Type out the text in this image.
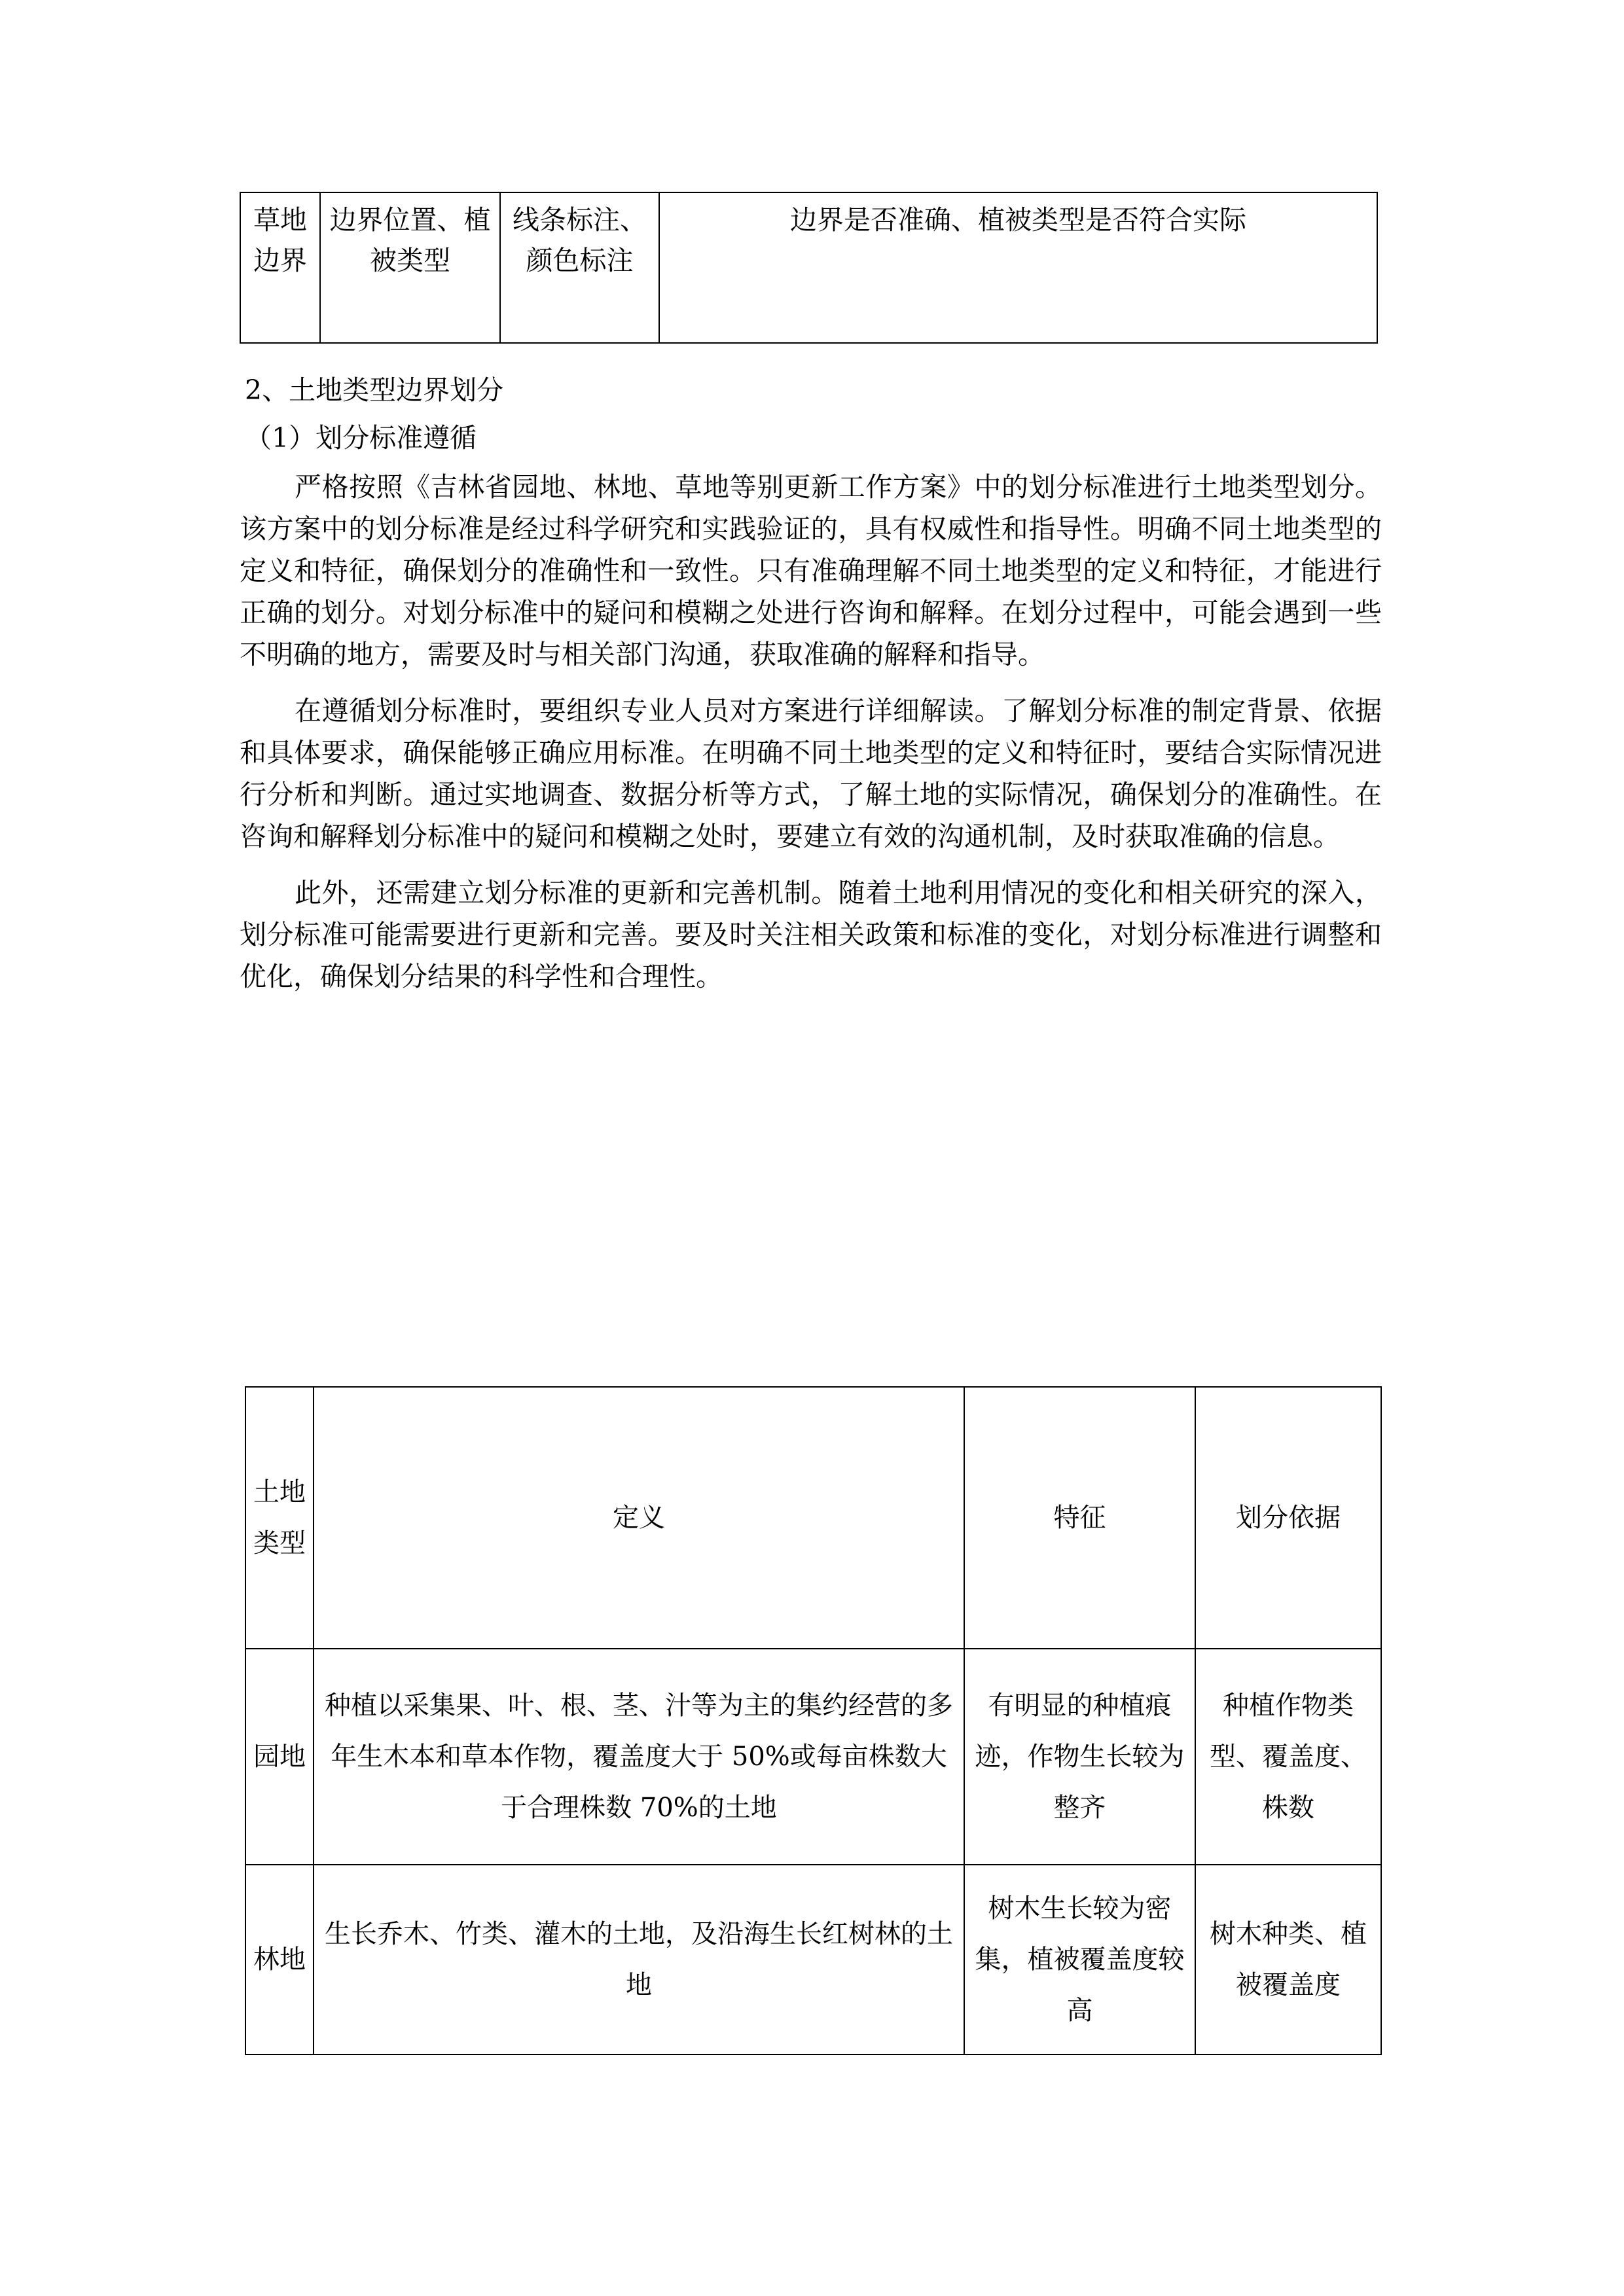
草地边界	边界位置、植被类型	线条标注、颜色标注	边界是否准确、植被类型是否符合实际
2、土地类型边界划分
（1）划分标准遵循

严格按照《吉林省园地、林地、草地等别更新工作方案》中的划分标准进行土地类型划分。该方案中的划分标准是经过科学研究和实践验证的，具有权威性和指导性。明确不同土地类型的定义和特征，确保划分的准确性和一致性。只有准确理解不同土地类型的定义和特征，才能进行正确的划分。对划分标准中的疑问和模糊之处进行咨询和解释。在划分过程中，可能会遇到一些不明确的地方，需要及时与相关部门沟通，获取准确的解释和指导。

在遵循划分标准时，要组织专业人员对方案进行详细解读。了解划分标准的制定背景、依据和具体要求，确保能够正确应用标准。在明确不同土地类型的定义和特征时，要结合实际情况进行分析和判断。通过实地调查、数据分析等方式，了解土地的实际情况，确保划分的准确性。在咨询和解释划分标准中的疑问和模糊之处时，要建立有效的沟通机制，及时获取准确的信息。

此外，还需建立划分标准的更新和完善机制。随着土地利用情况的变化和相关研究的深入，划分标准可能需要进行更新和完善。要及时关注相关政策和标准的变化，对划分标准进行调整和优化，确保划分结果的科学性和合理性。

土地类型	定义	特征	划分依据
园地	种植以采集果、叶、根、茎、汁等为主的集约经营的多年生木本和草本作物，覆盖度大于 50%或每亩株数大于合理株数 70%的土地	有明显的种植痕迹，作物生长较为整齐	种植作物类型、覆盖度、株数
林地	生长乔木、竹类、灌木的土地，及沿海生长红树林的土地	树木生长较为密集，植被覆盖度较高	树木种类、植被覆盖度
